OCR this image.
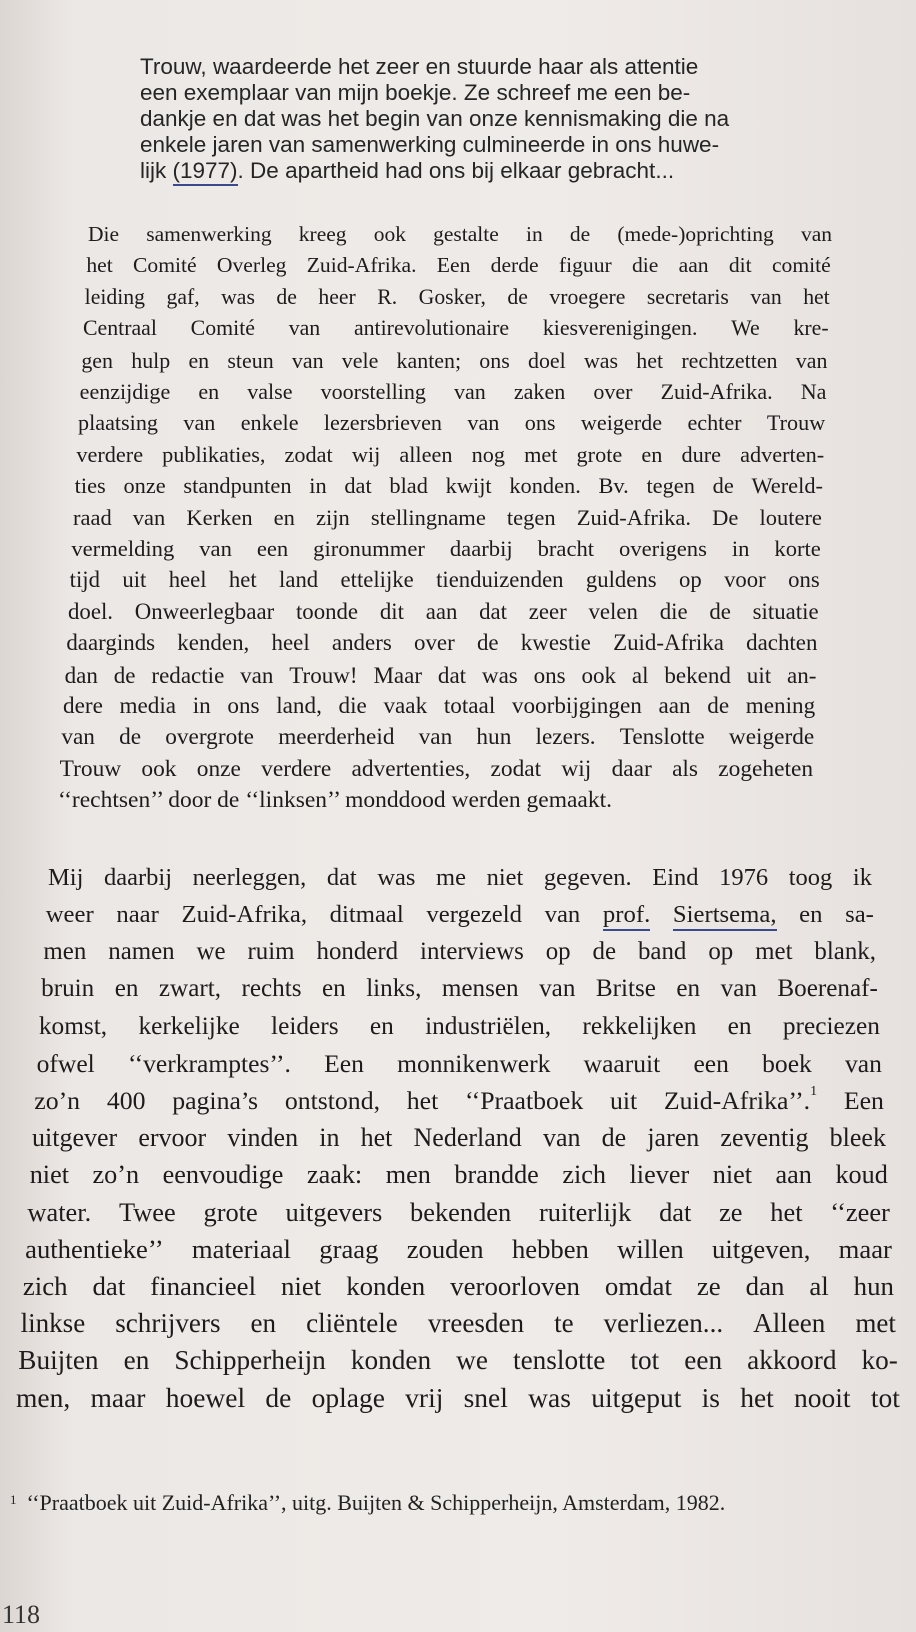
Trouw, waardeerde het zeer en stuurde haar als attentie
een exemplaar van mijn boekje. Ze schreef me een be-
dankje en dat was het begin van onze kennismaking die na
enkele jaren van samenwerking culmineerde in ons huwe-
lijk (1977). De apartheid had ons bij elkaar gebracht...
Die samenwerking kreeg ook gestalte in de (mede-)oprichting van
het Comité Overleg Zuid-Afrika. Een derde figuur die aan dit comité
leiding gaf, was de heer R. Gosker, de vroegere secretaris van het
Centraal Comité van antirevolutionaire kiesverenigingen. We kre-
gen hulp en steun van vele kanten; ons doel was het rechtzetten van
eenzijdige en valse voorstelling van zaken over Zuid-Afrika. Na
plaatsing van enkele lezersbrieven van ons weigerde echter Trouw
verdere publikaties, zodat wij alleen nog met grote en dure adverten-
ties onze standpunten in dat blad kwijt konden. Bv. tegen de Wereld-
raad van Kerken en zijn stellingname tegen Zuid-Afrika. De loutere
vermelding van een gironummer daarbij bracht overigens in korte
tijd uit heel het land ettelijke tienduizenden guldens op voor ons
doel. Onweerlegbaar toonde dit aan dat zeer velen die de situatie
daarginds kenden, heel anders over de kwestie Zuid-Afrika dachten
dan de redactie van Trouw! Maar dat was ons ook al bekend uit an-
dere media in ons land, die vaak totaal voorbijgingen aan de mening
van de overgrote meerderheid van hun lezers. Tenslotte weigerde
Trouw ook onze verdere advertenties, zodat wij daar als zogeheten
‘‘rechtsen’’ door de ‘‘linksen’’ monddood werden gemaakt.
Mij daarbij neerleggen, dat was me niet gegeven. Eind 1976 toog ik
weer naar Zuid-Afrika, ditmaal vergezeld van prof. Siertsema, en sa-
men namen we ruim honderd interviews op de band op met blank,
bruin en zwart, rechts en links, mensen van Britse en van Boerenaf-
komst, kerkelijke leiders en industriëlen, rekkelijken en preciezen
ofwel ‘‘verkramptes’’. Een monnikenwerk waaruit een boek van
zo’n 400 pagina’s ontstond, het ‘‘Praatboek uit Zuid-Afrika’’.$^1$ Een
uitgever ervoor vinden in het Nederland van de jaren zeventig bleek
niet zo’n eenvoudige zaak: men brandde zich liever niet aan koud
water. Twee grote uitgevers bekenden ruiterlijk dat ze het ‘‘zeer
authentieke’’ materiaal graag zouden hebben willen uitgeven, maar
zich dat financieel niet konden veroorloven omdat ze dan al hun
linkse schrijvers en cliëntele vreesden te verliezen... Alleen met
Buijten en Schipperheijn konden we tenslotte tot een akkoord ko-
men, maar hoewel de oplage vrij snel was uitgeput is het nooit tot
$^1$ ‘‘Praatboek uit Zuid-Afrika’’, uitg. Buijten & Schipperheijn, Amsterdam, 1982.
118
